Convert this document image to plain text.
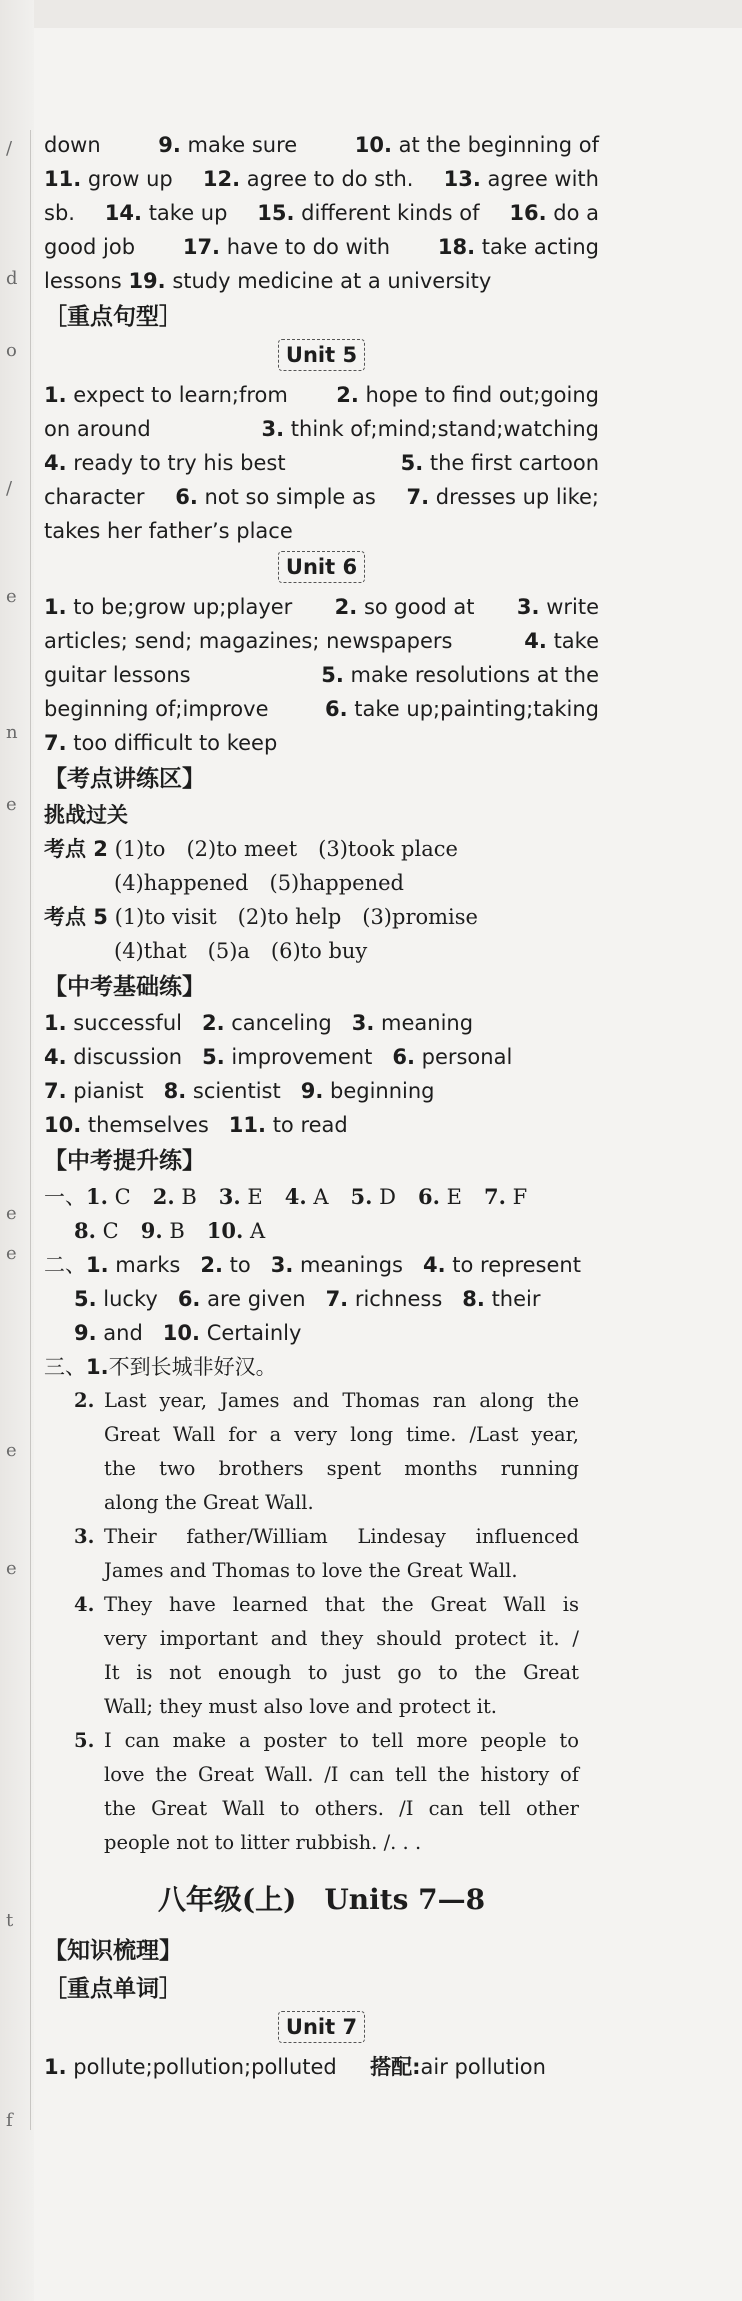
/
d
o
/
e
n
e
e
e
e
e
t
f
down	9. make sure	10. at the beginning of
11. grow up 12. agree to do sth. 13. agree with
sb. 14. take up 15. different kinds of 16. do a
good job 17. have to do with 18. take acting
lessons 19. study medicine at a university
［重点句型］
Unit 5
1. expect to learn;from 2. hope to find out;going
on around	3. think of;mind;stand;watching
4. ready to try his best	5. the first cartoon
character 6. not so simple as 7. dresses up like;
takes her father’s place
Unit 6
1. to be;grow up;player 2. so good at 3. write
articles; send; magazines; newspapers	4. take
guitar lessons	5. make resolutions at the
beginning of;improve	6. take up;painting;taking
7. too difficult to keep
【考点讲练区】
挑战过关
考点 2 (1)to　(2)to meet　(3)took place
(4)happened　(5)happened
考点 5 (1)to visit　(2)to help　(3)promise
(4)that　(5)a　(6)to buy
【中考基础练】
1. successful 2. canceling 3. meaning
4. discussion 5. improvement 6. personal
7. pianist 8. scientist 9. beginning
10. themselves 11. to read
【中考提升练】
一、1. C 2. B 3. E 4. A 5. D 6. E 7. F
8. C 9. B 10. A
二、1. marks 2. to 3. meanings 4. to represent
5. lucky 6. are given 7. richness 8. their
9. and 10. Certainly
三、1.不到长城非好汉。
2. Last year, James and Thomas ran along the
Great Wall for a very long time. /Last year,
the two brothers spent months running
along the Great Wall.
3. Their father/William Lindesay influenced
James and Thomas to love the Great Wall.
4. They have learned that the Great Wall is
very important and they should protect it. /
It is not enough to just go to the Great
Wall; they must also love and protect it.
5. I can make a poster to tell more people to
love the Great Wall. /I can tell the history of
the Great Wall to others. /I can tell other
people not to litter rubbish. /. . .
八年级(上)　Units 7—8
【知识梳理】
［重点单词］
Unit 7
1. pollute;pollution;polluted 搭配:air pollution
